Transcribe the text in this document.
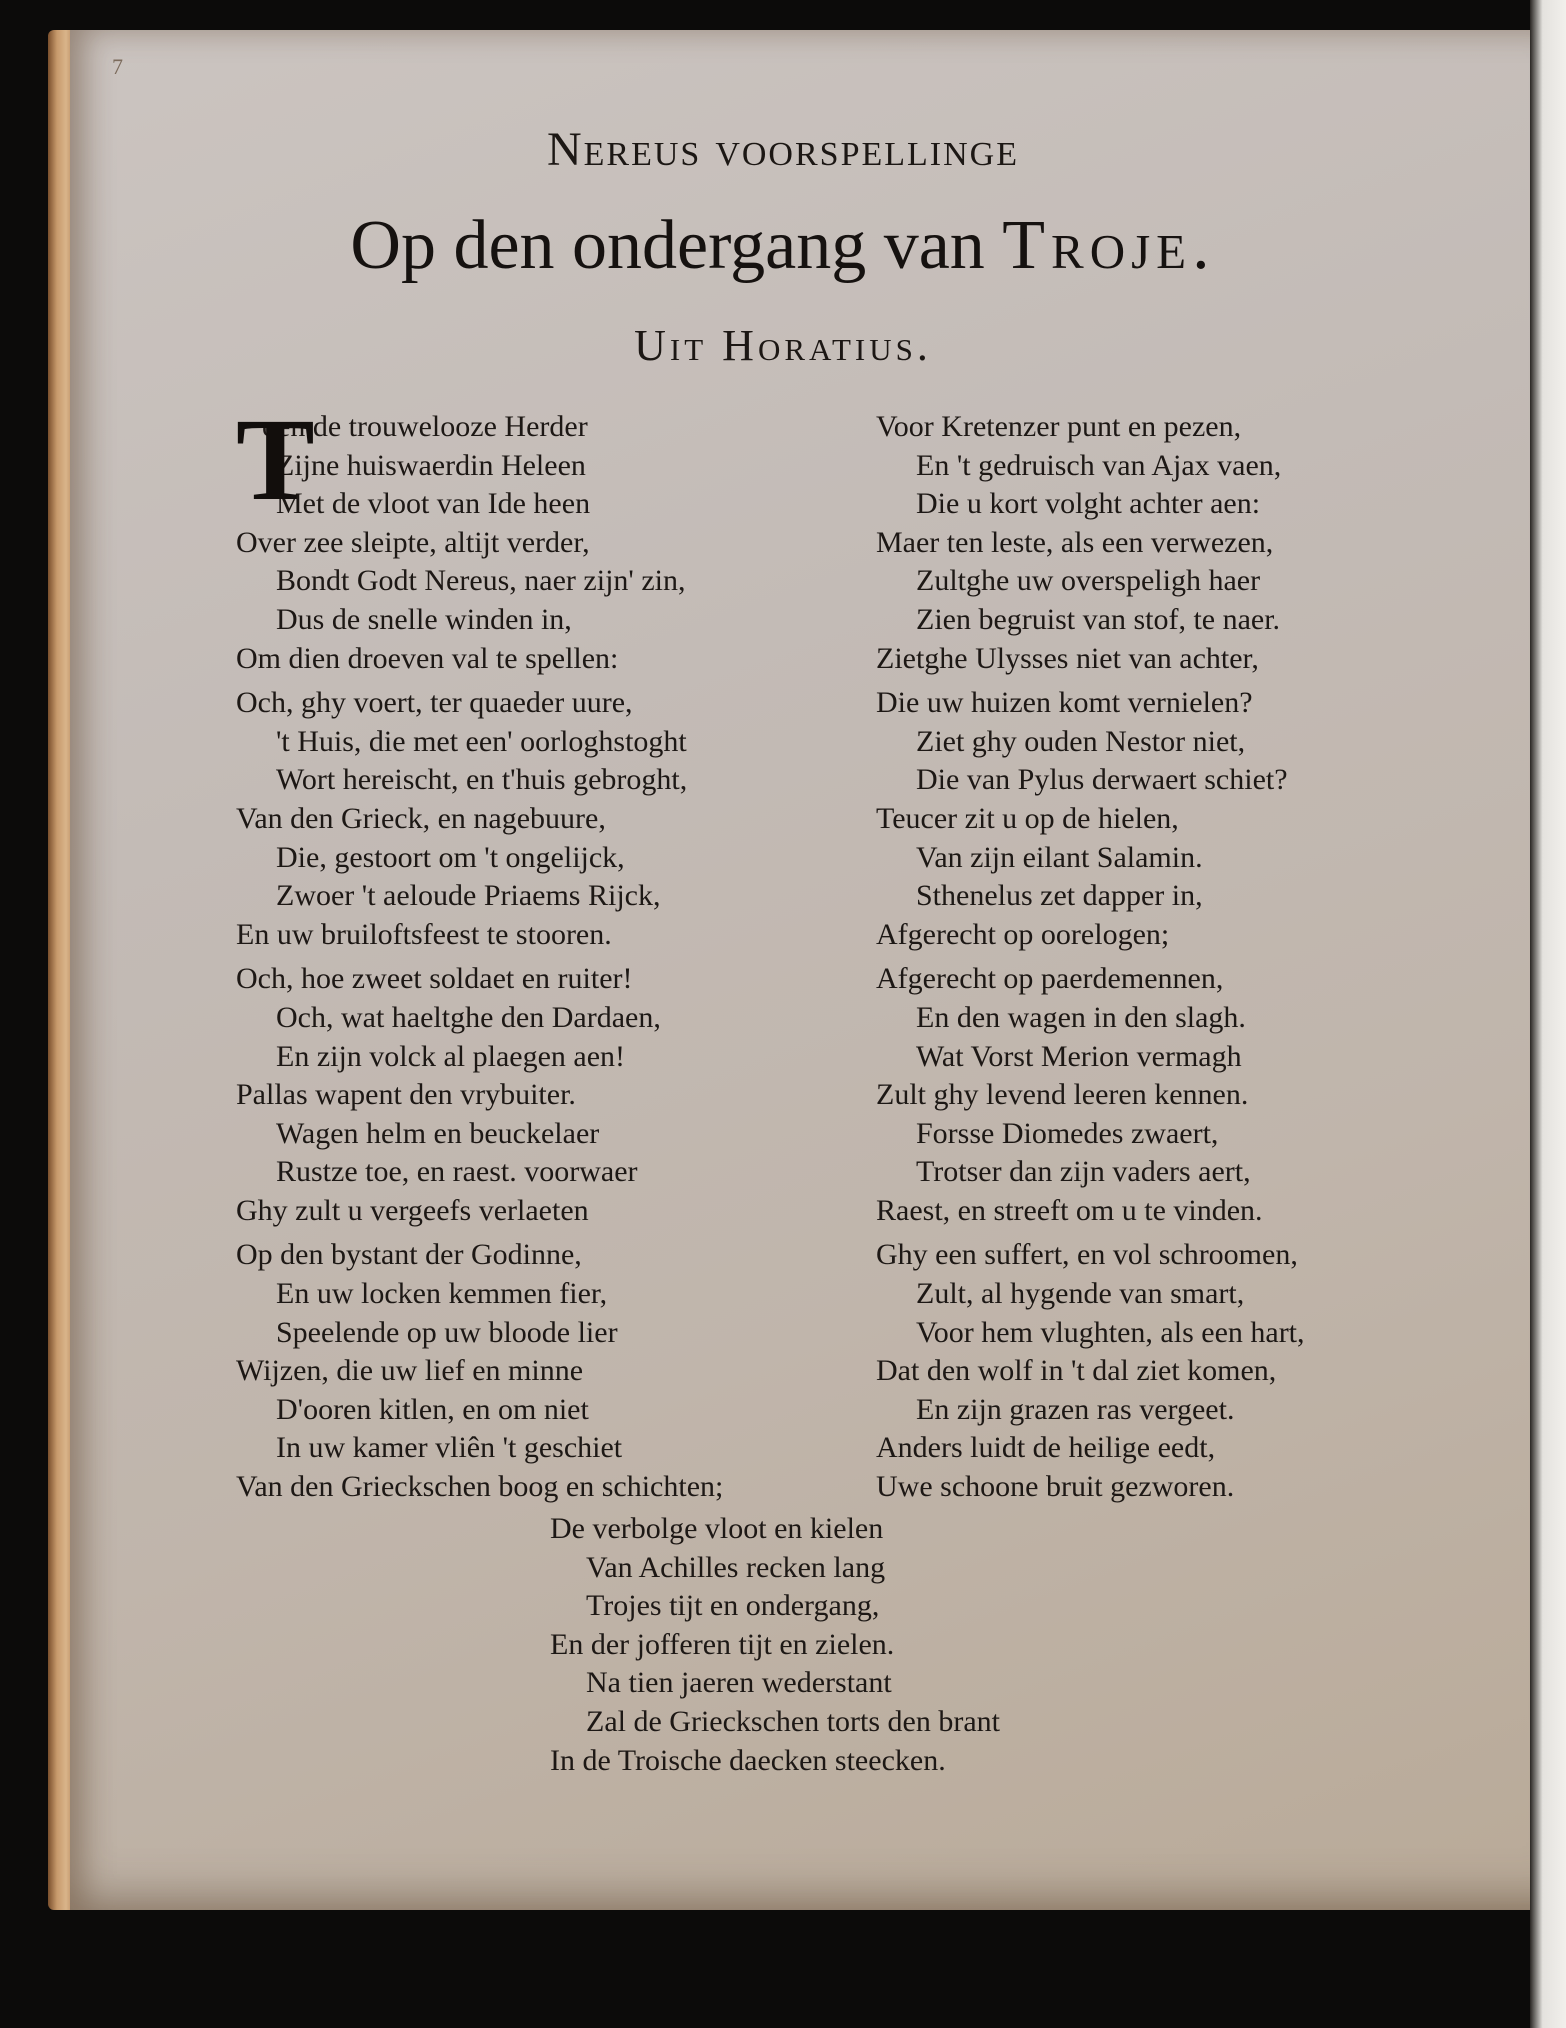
7
Nereus voorspellinge
Op den ondergang van Troje.
Uit Horatius.
T
oen de trouwelooze Herder
Zijne huiswaerdin Heleen
Met de vloot van Ide heen
Over zee sleipte, altijt verder,
Bondt Godt Nereus, naer zijn' zin,
Dus de snelle winden in,
Om dien droeven val te spellen:
Och, ghy voert, ter quaeder uure,
't Huis, die met een' oorloghstoght
Wort hereischt, en t'huis gebroght,
Van den Grieck, en nagebuure,
Die, gestoort om 't ongelijck,
Zwoer 't aeloude Priaems Rijck,
En uw bruiloftsfeest te stooren.
Och, hoe zweet soldaet en ruiter!
Och, wat haeltghe den Dardaen,
En zijn volck al plaegen aen!
Pallas wapent den vrybuiter.
Wagen helm en beuckelaer
Rustze toe, en raest. voorwaer
Ghy zult u vergeefs verlaeten
Op den bystant der Godinne,
En uw locken kemmen fier,
Speelende op uw bloode lier
Wijzen, die uw lief en minne
D'ooren kitlen, en om niet
In uw kamer vliên 't geschiet
Van den Grieckschen boog en schichten;
Voor Kretenzer punt en pezen,
En 't gedruisch van Ajax vaen,
Die u kort volght achter aen:
Maer ten leste, als een verwezen,
Zultghe uw overspeligh haer
Zien begruist van stof, te naer.
Zietghe Ulysses niet van achter,
Die uw huizen komt vernielen?
Ziet ghy ouden Nestor niet,
Die van Pylus derwaert schiet?
Teucer zit u op de hielen,
Van zijn eilant Salamin.
Sthenelus zet dapper in,
Afgerecht op oorelogen;
Afgerecht op paerdemennen,
En den wagen in den slagh.
Wat Vorst Merion vermagh
Zult ghy levend leeren kennen.
Forsse Diomedes zwaert,
Trotser dan zijn vaders aert,
Raest, en streeft om u te vinden.
Ghy een suffert, en vol schroomen,
Zult, al hygende van smart,
Voor hem vlughten, als een hart,
Dat den wolf in 't dal ziet komen,
En zijn grazen ras vergeet.
Anders luidt de heilige eedt,
Uwe schoone bruit gezworen.
De verbolge vloot en kielen
Van Achilles recken lang
Trojes tijt en ondergang,
En der jofferen tijt en zielen.
Na tien jaeren wederstant
Zal de Grieckschen torts den brant
In de Troische daecken steecken.
